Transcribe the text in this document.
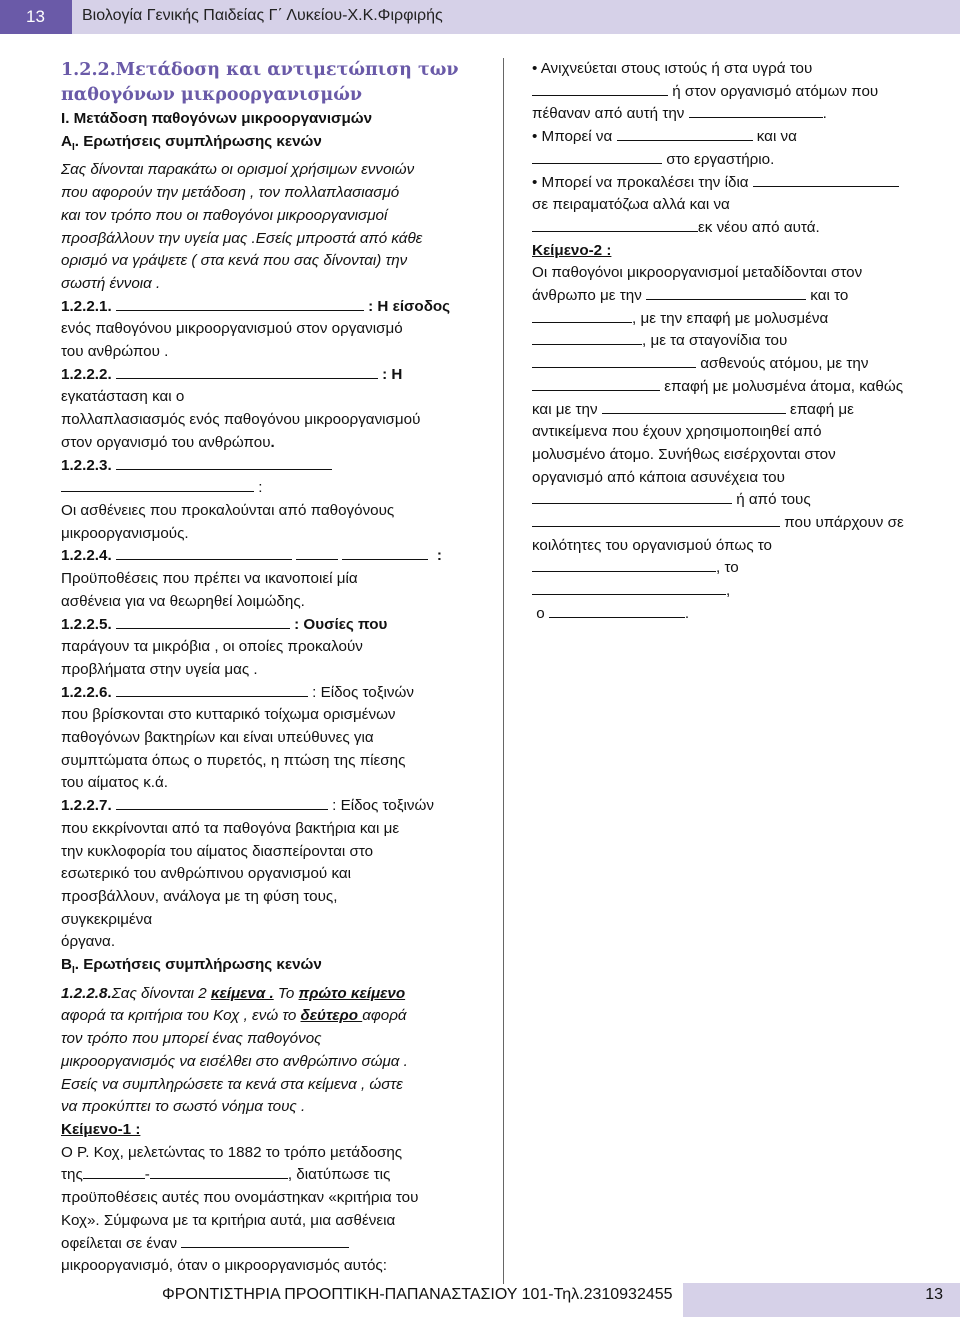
13	Βιολογία Γενικής Παιδείας Γ΄ Λυκείου-Χ.Κ.Φιρφιρής

1.2.2.Μετάδοση και αντιμετώπιση των
παθογόνων μικροοργανισμών

Ι. Μετάδοση παθογόνων μικροοργανισμών

$A_I$. Ερωτήσεις συμπλήρωσης κενών

Σας δίνονται παρακάτω οι ορισμοί χρήσιμων εννοιών
που αφορούν την μετάδοση , τον πολλαπλασιασμό
και τον τρόπο που οι παθογόνοι μικροοργανισμοί
προσβάλλουν την υγεία μας .Εσείς μπροστά από κάθε
ορισμό να γράψετε ( στα κενά που σας δίνονται) την
σωστή έννοια .

1.2.2.1.	: Η είσοδος
ενός παθογόνου μικροοργανισμού στον οργανισμό
του ανθρώπου .

1.2.2.2.	: Η
εγκατάσταση και ο
πολλαπλασιασμός ενός παθογόνου μικροοργανισμού
στον οργανισμό του ανθρώπου.

1.2.2.3.
:
Οι ασθένειες που προκαλούνται από παθογόνους
μικροοργανισμούς.

1.2.2.4.	:
Προϋποθέσεις που πρέπει να ικανοποιεί μία
ασθένεια για να θεωρηθεί λοιμώδης.

1.2.2.5.	: Ουσίες που
παράγουν τα μικρόβια , οι οποίες προκαλούν
προβλήματα στην υγεία μας .

1.2.2.6.	: Είδος τοξινών
που βρίσκονται στο κυτταρικό τοίχωμα ορισμένων
παθογόνων βακτηρίων και είναι υπεύθυνες για
συμπτώματα όπως ο πυρετός, η πτώση της πίεσης
του αίματος κ.ά.

1.2.2.7.	: Είδος τοξινών
που εκκρίνονται από τα παθογόνα βακτήρια και με
την κυκλοφορία του αίματος διασπείρονται στο
εσωτερικό του ανθρώπινου οργανισμού και
προσβάλλουν, ανάλογα με τη φύση τους,
συγκεκριμένα
όργανα.

$B_I$. Ερωτήσεις συμπλήρωσης κενών

1.2.2.8.Σας δίνονται 2 κείμενα . Το πρώτο κείμενο
αφορά τα κριτήρια του Κοχ , ενώ το δεύτερο αφορά
τον τρόπο που μπορεί ένας παθογόνος
μικροοργανισμός να εισέλθει στο ανθρώπινο σώμα .
Εσείς να συμπληρώσετε τα κενά στα κείμενα , ώστε
να προκύπτει το σωστό νόημα τους .

Κείμενο-1 :

Ο Ρ. Κοχ, μελετώντας το 1882 το τρόπο μετάδοσης
της	-	, διατύπωσε τις
προϋποθέσεις αυτές που ονομάστηκαν «κριτήρια του
Κοχ». Σύμφωνα με τα κριτήρια αυτά, μια ασθένεια
οφείλεται σε έναν
μικροοργανισμό, όταν ο μικροοργανισμός αυτός:

• Ανιχνεύεται στους ιστούς ή στα υγρά του
ή στον οργανισμό ατόμων που
πέθαναν από αυτή την	.
• Μπορεί να	και να
στο εργαστήριο.
• Μπορεί να προκαλέσει την ίδια
σε πειραματόζωα αλλά και να
εκ νέου από αυτά.

Κείμενο-2 :

Οι παθογόνοι μικροοργανισμοί μεταδίδονται στον
άνθρωπο με την	και το
, με την επαφή με μολυσμένα
, με τα σταγονίδια του
ασθενούς ατόμου, με την
επαφή με μολυσμένα άτομα, καθώς
και με την	επαφή με
αντικείμενα που έχουν χρησιμοποιηθεί από
μολυσμένο άτομο. Συνήθως εισέρχονται στον
οργανισμό από κάποια ασυνέχεια του
ή από τους
που υπάρχουν σε
κοιλότητες του οργανισμού όπως το
, το
,
ο	.

ΦΡΟΝΤΙΣΤΗΡΙΑ ΠΡΟΟΠΤΙΚΗ-ΠΑΠΑΝΑΣΤΑΣΙΟΥ 101-Τηλ.2310932455	13
